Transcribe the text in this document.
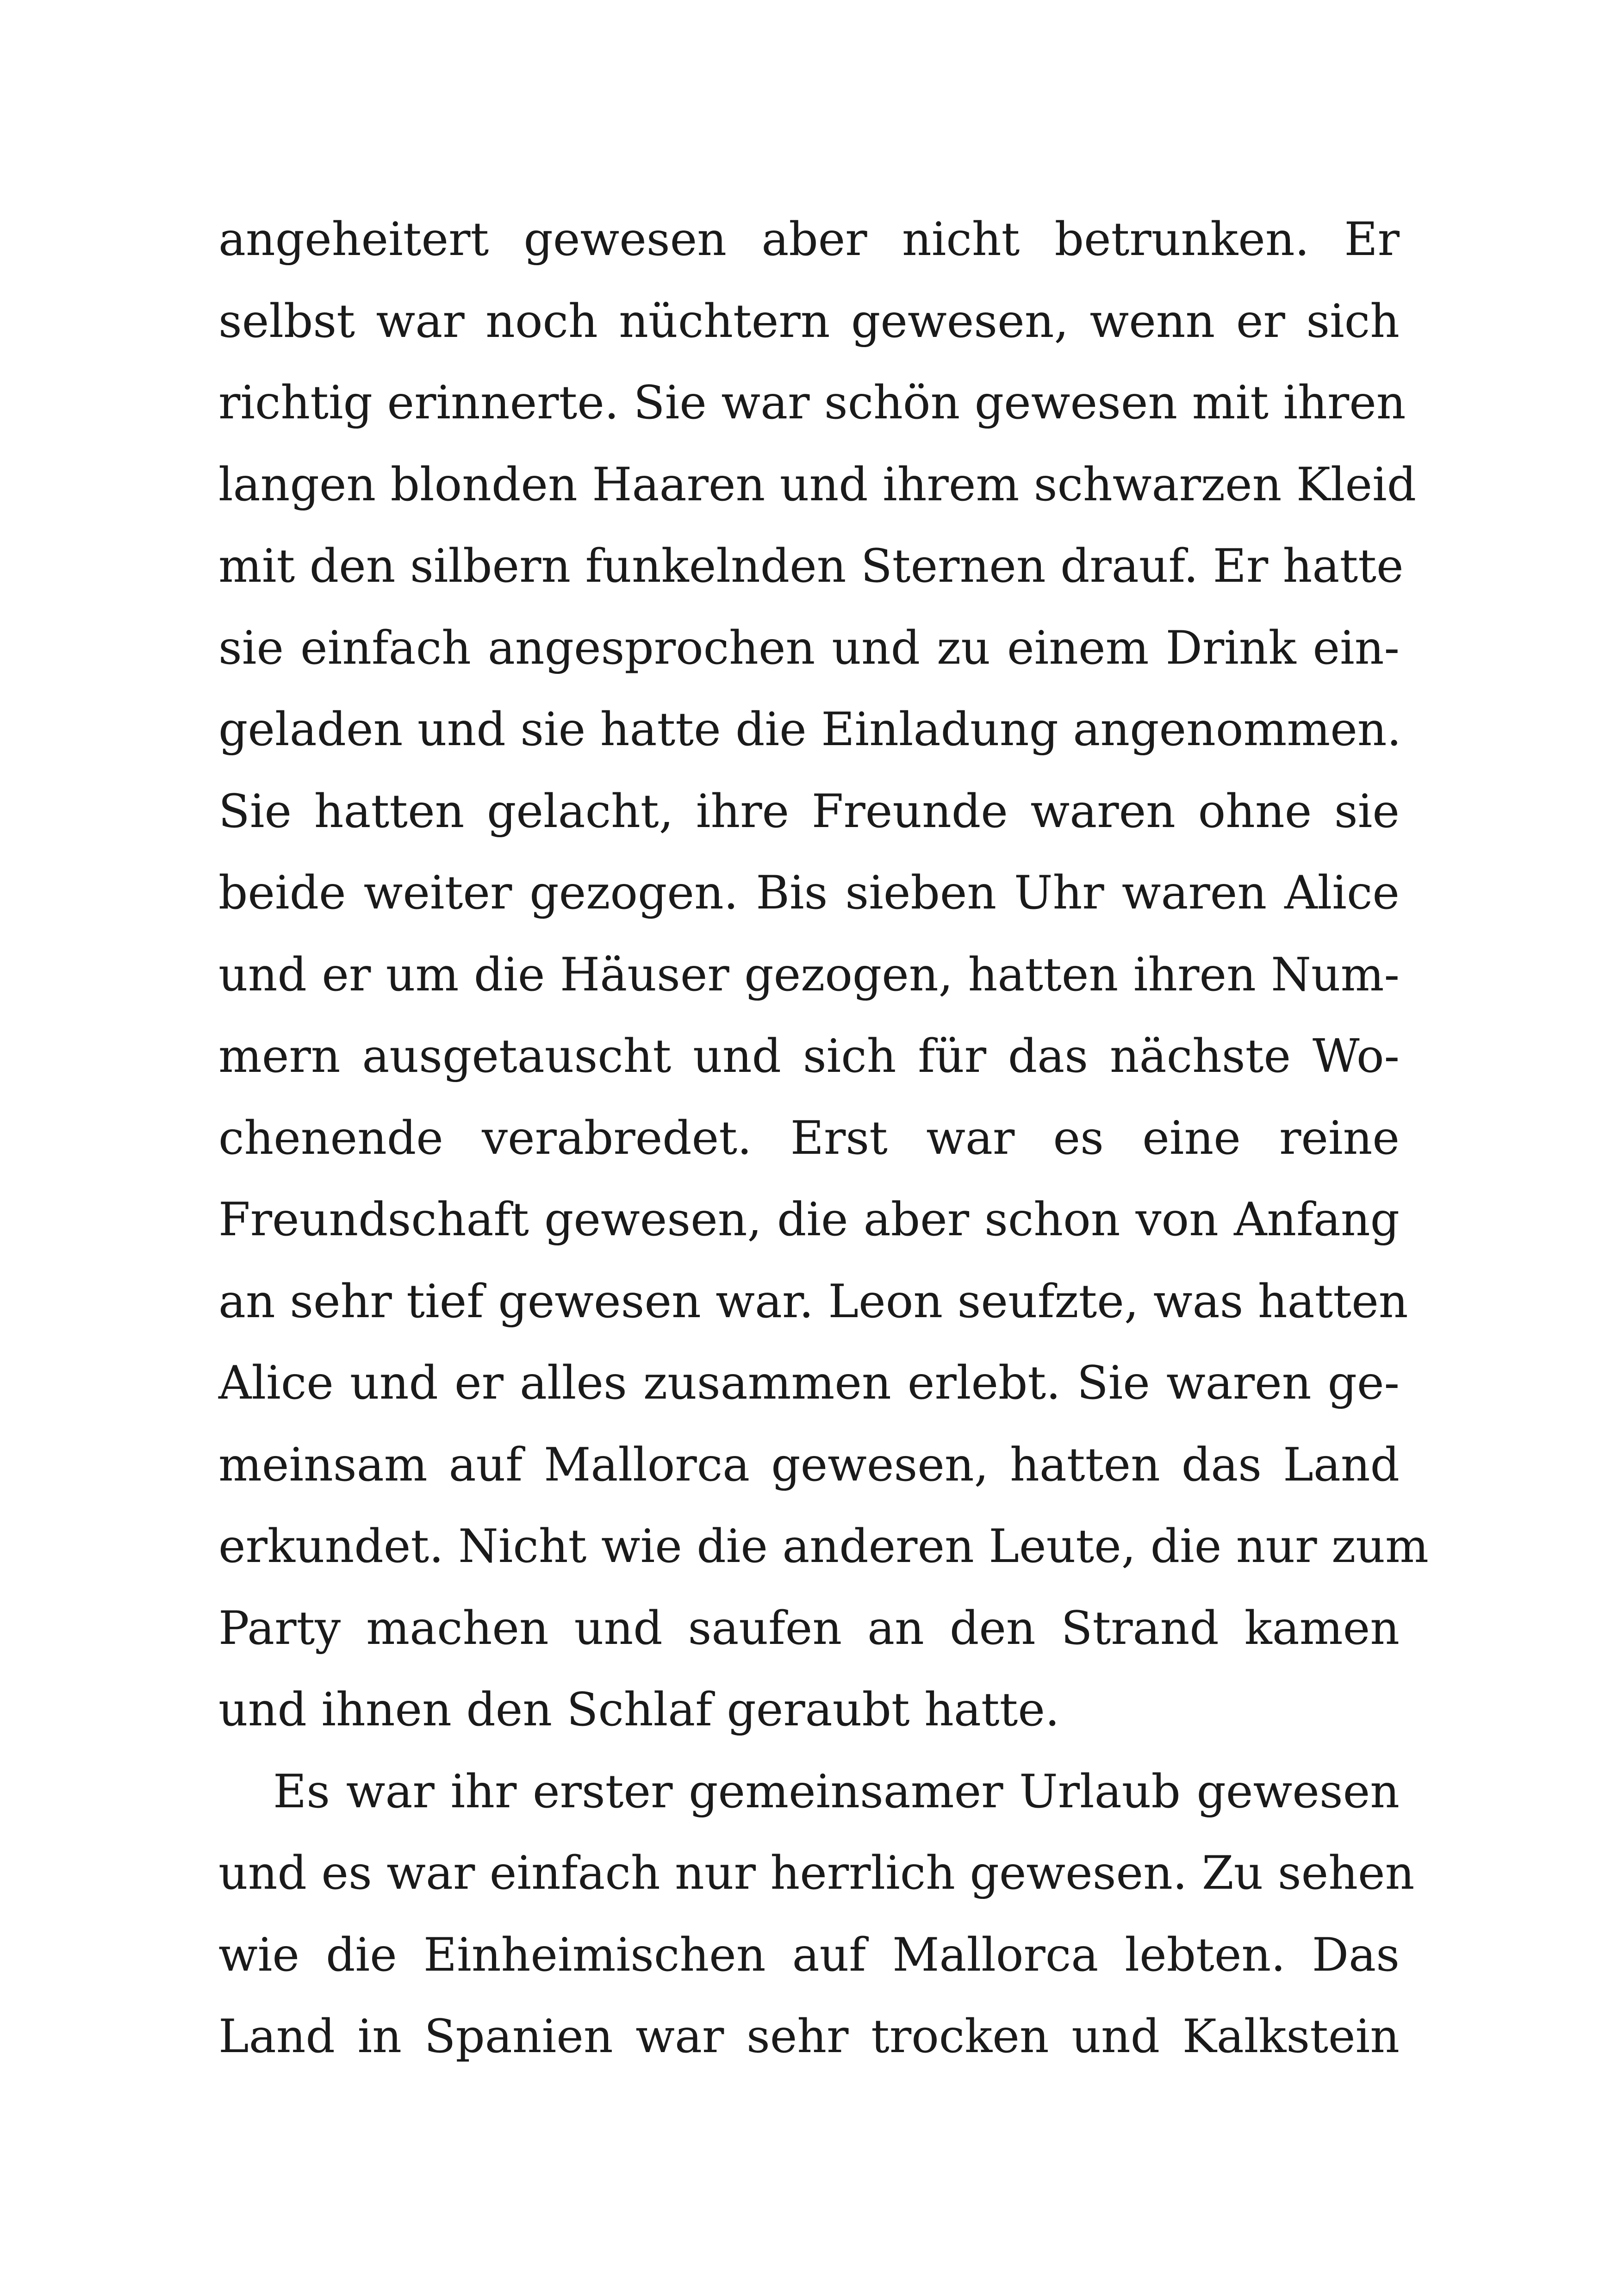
angeheitert gewesen aber nicht betrunken. Er
selbst war noch nüchtern gewesen, wenn er sich
richtig erinnerte. Sie war schön gewesen mit ihren
langen blonden Haaren und ihrem schwarzen Kleid
mit den silbern funkelnden Sternen drauf. Er hatte
sie einfach angesprochen und zu einem Drink ein-
geladen und sie hatte die Einladung angenommen.
Sie hatten gelacht, ihre Freunde waren ohne sie
beide weiter gezogen. Bis sieben Uhr waren Alice
und er um die Häuser gezogen, hatten ihren Num-
mern ausgetauscht und sich für das nächste Wo-
chenende verabredet. Erst war es eine reine
Freundschaft gewesen, die aber schon von Anfang
an sehr tief gewesen war. Leon seufzte, was hatten
Alice und er alles zusammen erlebt. Sie waren ge-
meinsam auf Mallorca gewesen, hatten das Land
erkundet. Nicht wie die anderen Leute, die nur zum
Party machen und saufen an den Strand kamen
und ihnen den Schlaf geraubt hatte.
Es war ihr erster gemeinsamer Urlaub gewesen
und es war einfach nur herrlich gewesen. Zu sehen
wie die Einheimischen auf Mallorca lebten. Das
Land in Spanien war sehr trocken und Kalkstein
